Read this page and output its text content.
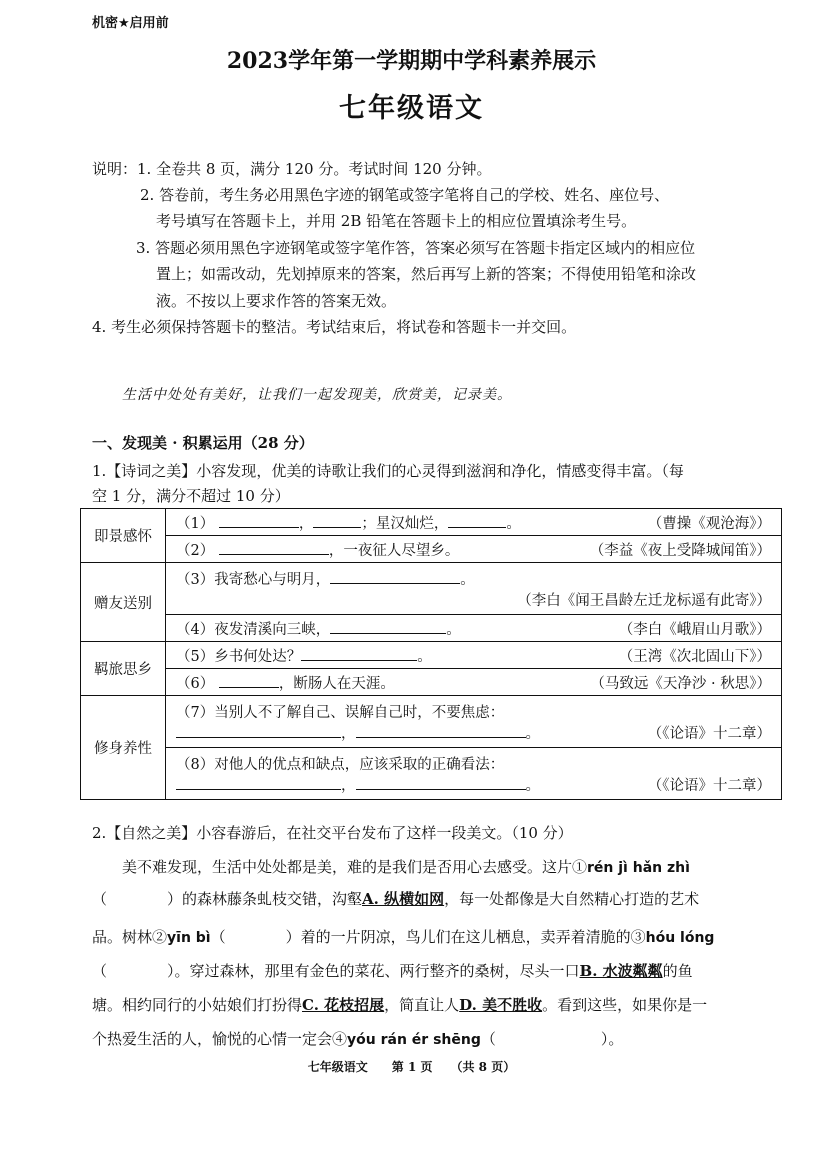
机密★启用前
2023学年第一学期期中学科素养展示
七年级语文
说明：1. 全卷共 8 页，满分 120 分。考试时间 120 分钟。
2. 答卷前，考生务必用黑色字迹的钢笔或签字笔将自己的学校、姓名、座位号、
考号填写在答题卡上，并用 2B 铅笔在答题卡上的相应位置填涂考生号。
3. 答题必须用黑色字迹钢笔或签字笔作答，答案必须写在答题卡指定区域内的相应位
置上；如需改动，先划掉原来的答案，然后再写上新的答案；不得使用铅笔和涂改
液。不按以上要求作答的答案无效。
4. 考生必须保持答题卡的整洁。考试结束后，将试卷和答题卡一并交回。
生活中处处有美好，让我们一起发现美，欣赏美，记录美。
一、发现美 · 积累运用（28 分）
1.【诗词之美】小容发现，优美的诗歌让我们的心灵得到滋润和净化，情感变得丰富。（每
空 1 分，满分不超过 10 分）
即景感怀	（1） ， ；星汉灿烂， 。 （曹操《观沧海》）

	（2） ，一夜征人尽望乡。 （李益《夜上受降城闻笛》）

赠友送别	（3）我寄愁心与明月， 。
（李白《闻王昌龄左迁龙标遥有此寄》）

	（4）夜发清溪向三峡， 。 （李白《峨眉山月歌》）

羁旅思乡	（5）乡书何处达？ 。 （王湾《次北固山下》）

	（6） ，断肠人在天涯。 （马致远《天净沙 · 秋思》）

修身养性	（7）当别人不了解自己、误解自己时，不要焦虑：
， 。 （《论语》十二章）

	（8）对他人的优点和缺点，应该采取的正确看法：
， 。 （《论语》十二章）
2.【自然之美】小容春游后，在社交平台发布了这样一段美文。（10 分）
美不难发现，生活中处处都是美，难的是我们是否用心去感受。这片①rén jì hǎn zhì
（　　　　）的森林藤条虬枝交错，沟壑A. 纵横如网，每一处都像是大自然精心打造的艺术
品。树林②yīn bì（　　　　）着的一片阴凉，鸟儿们在这儿栖息，卖弄着清脆的③hóu lóng
（　　　　）。穿过森林，那里有金色的菜花、两行整齐的桑树，尽头一口B. 水波粼粼的鱼
塘。相约同行的小姑娘们打扮得C. 花枝招展，简直让人D. 美不胜收。看到这些，如果你是一
个热爱生活的人，愉悦的心情一定会④yóu rán ér shēng（　　　　　　　）。
七年级语文　　第 1 页　　（共 8 页）
